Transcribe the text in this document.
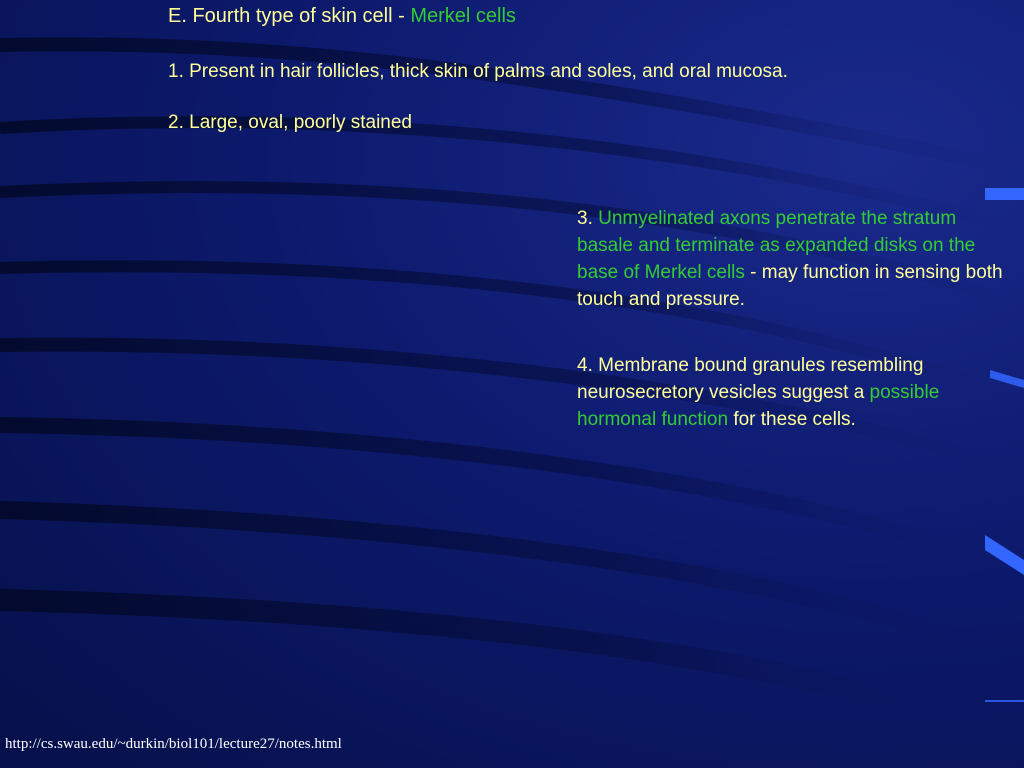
E. Fourth type of skin cell - Merkel cells
1. Present in hair follicles, thick skin of palms and soles, and oral mucosa.
2. Large, oval, poorly stained
3. Unmyelinated axons penetrate the stratum basale and terminate as expanded disks on the base of Merkel cells - may function in sensing both touch and pressure.
4. Membrane bound granules resembling neurosecretory vesicles suggest a possible hormonal function for these cells.
http://cs.swau.edu/~durkin/biol101/lecture27/notes.html
